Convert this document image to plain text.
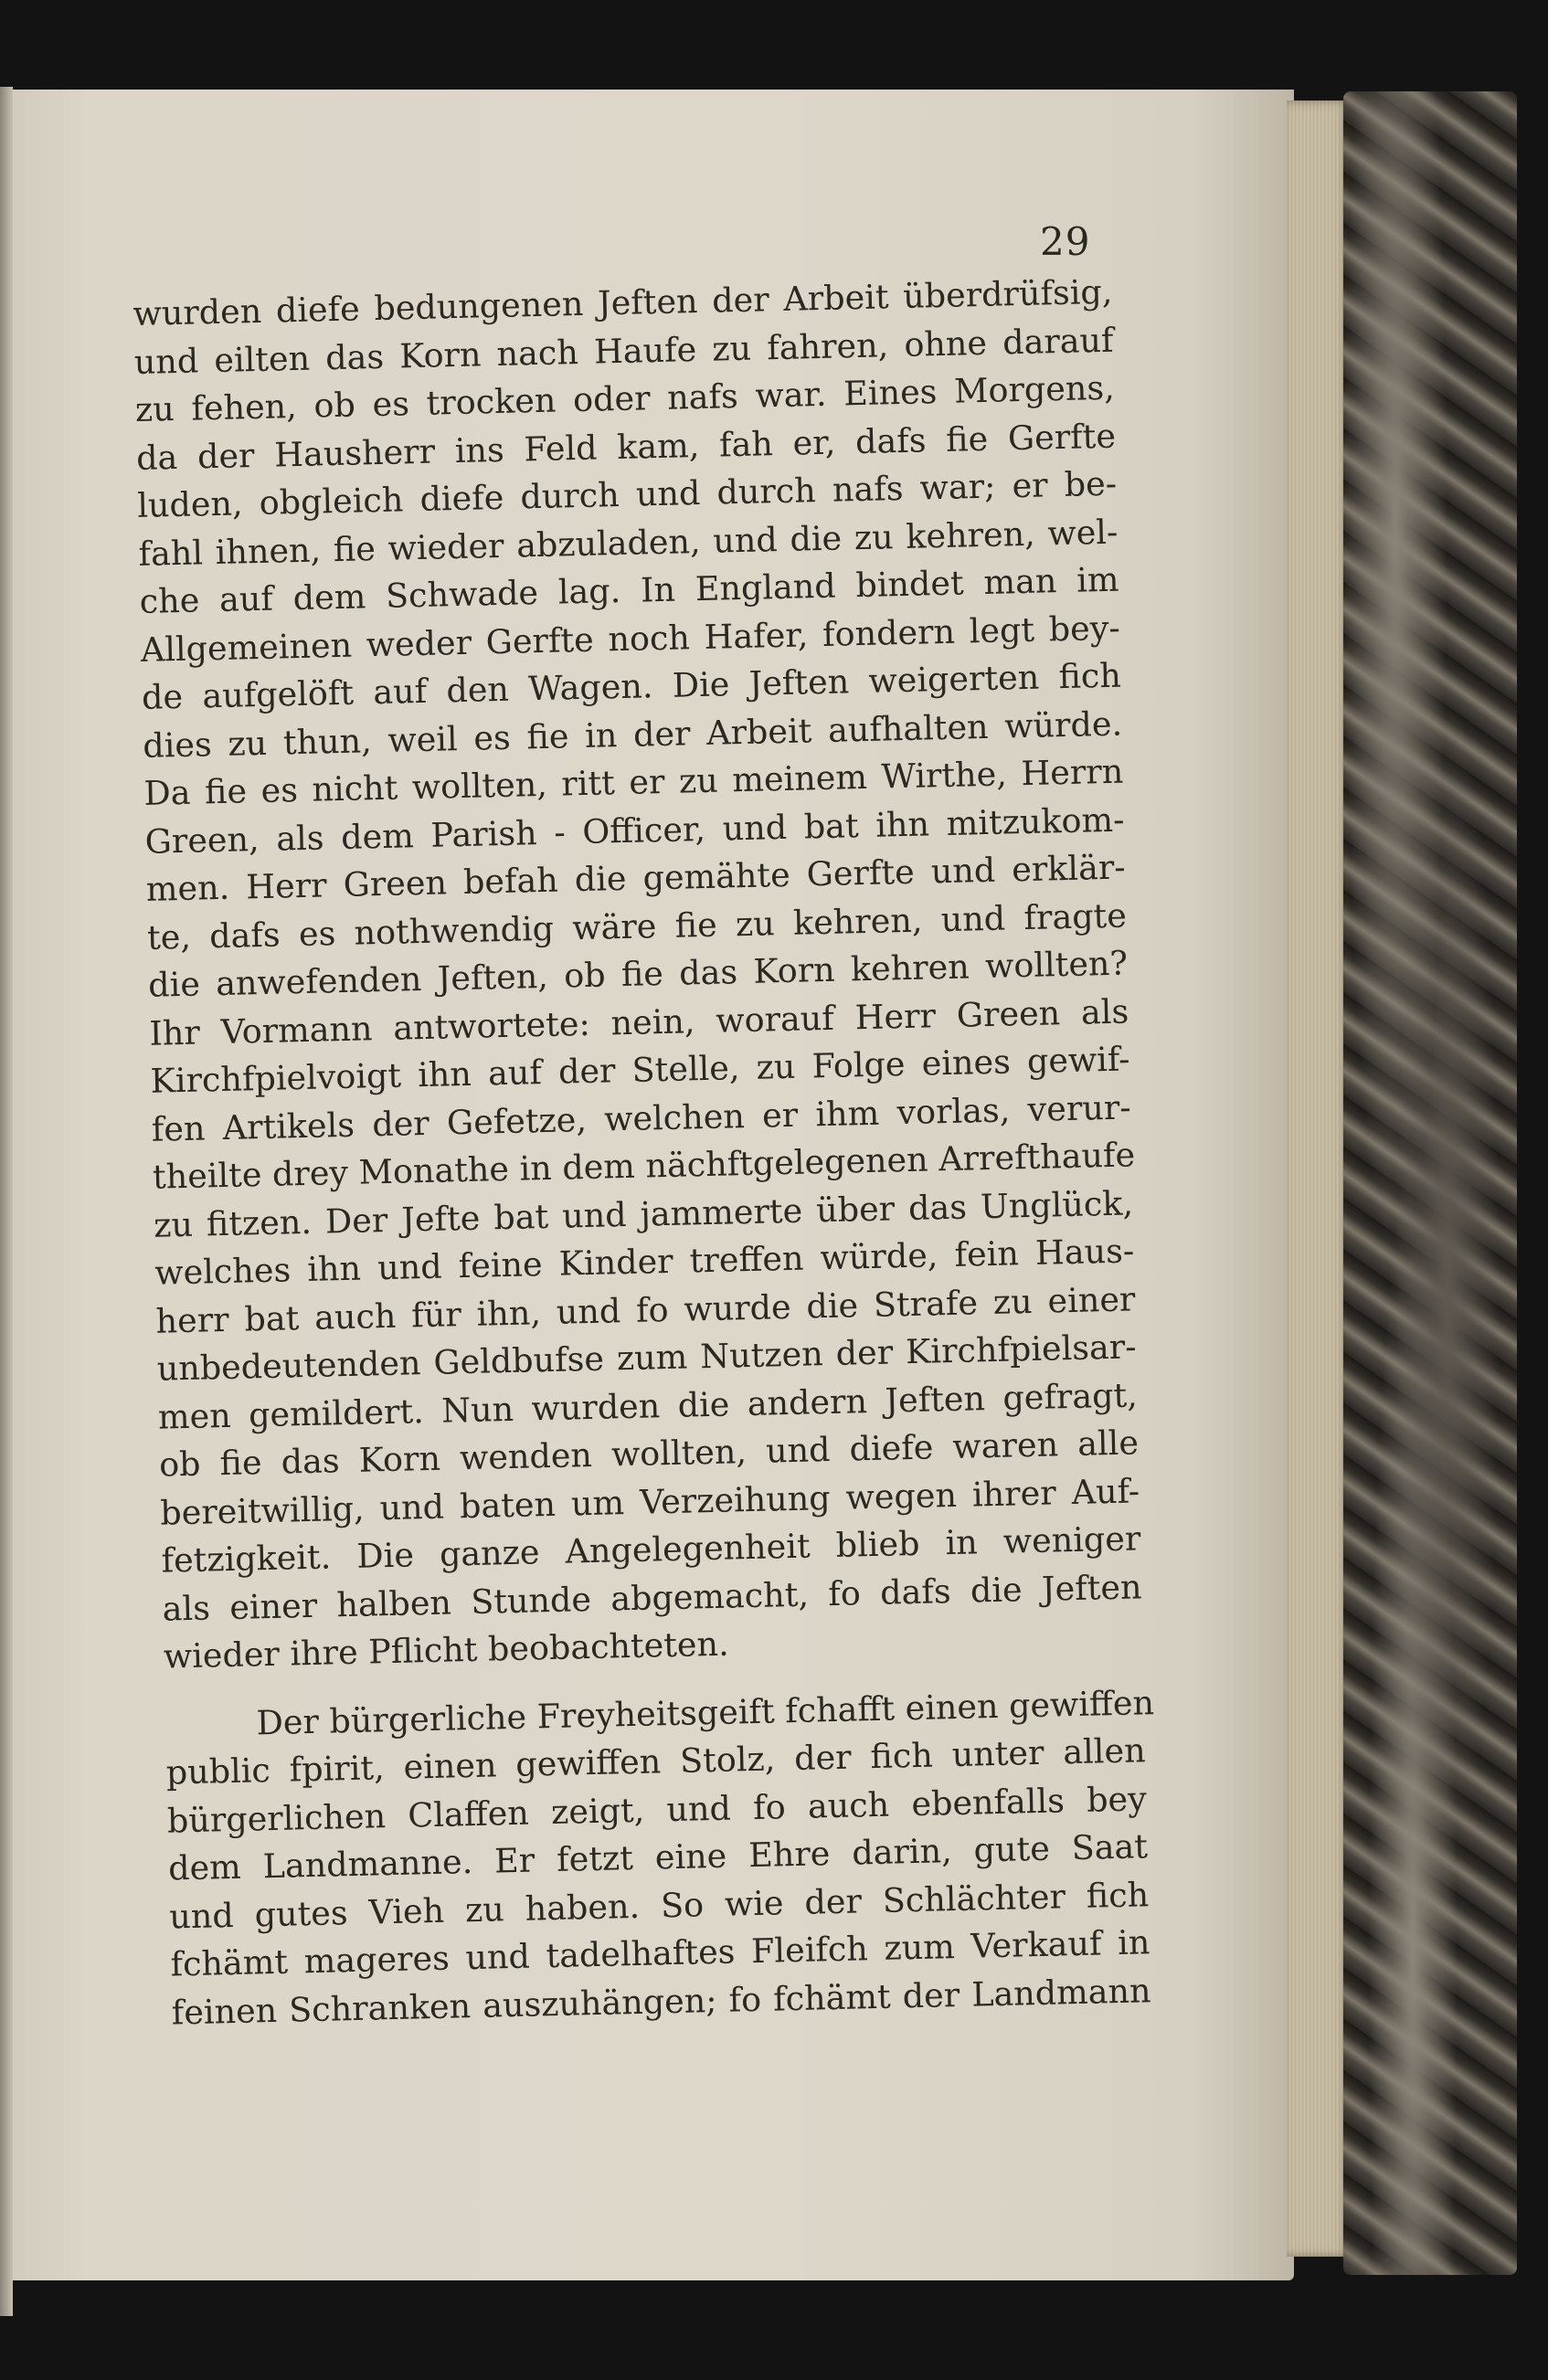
29
wurden diefe bedungenen Jeften der Arbeit überdrüfsig,
und eilten das Korn nach Haufe zu fahren, ohne darauf
zu fehen, ob es trocken oder nafs war. Eines Morgens,
da der Hausherr ins Feld kam, fah er, dafs fie Gerfte
luden, obgleich diefe durch und durch nafs war; er be-
fahl ihnen, fie wieder abzuladen, und die zu kehren, wel-
che auf dem Schwade lag. In England bindet man im
Allgemeinen weder Gerfte noch Hafer, fondern legt bey-
de aufgelöft auf den Wagen. Die Jeften weigerten fich
dies zu thun, weil es fie in der Arbeit aufhalten würde.
Da fie es nicht wollten, ritt er zu meinem Wirthe, Herrn
Green, als dem Parish - Officer, und bat ihn mitzukom-
men. Herr Green befah die gemähte Gerfte und erklär-
te, dafs es nothwendig wäre fie zu kehren, und fragte
die anwefenden Jeften, ob fie das Korn kehren wollten?
Ihr Vormann antwortete: nein, worauf Herr Green als
Kirchfpielvoigt ihn auf der Stelle, zu Folge eines gewif-
fen Artikels der Gefetze, welchen er ihm vorlas, verur-
theilte drey Monathe in dem nächftgelegenen Arrefthaufe
zu fitzen. Der Jefte bat und jammerte über das Unglück,
welches ihn und feine Kinder treffen würde, fein Haus-
herr bat auch für ihn, und fo wurde die Strafe zu einer
unbedeutenden Geldbufse zum Nutzen der Kirchfpielsar-
men gemildert. Nun wurden die andern Jeften gefragt,
ob fie das Korn wenden wollten, und diefe waren alle
bereitwillig, und baten um Verzeihung wegen ihrer Auf-
fetzigkeit. Die ganze Angelegenheit blieb in weniger
als einer halben Stunde abgemacht, fo dafs die Jeften
wieder ihre Pflicht beobachteten.
Der bürgerliche Freyheitsgeift fchafft einen gewiffen
public fpirit, einen gewiffen Stolz, der fich unter allen
bürgerlichen Claffen zeigt, und fo auch ebenfalls bey
dem Landmanne. Er fetzt eine Ehre darin, gute Saat
und gutes Vieh zu haben. So wie der Schlächter fich
fchämt mageres und tadelhaftes Fleifch zum Verkauf in
feinen Schranken auszuhängen; fo fchämt der Landmann
